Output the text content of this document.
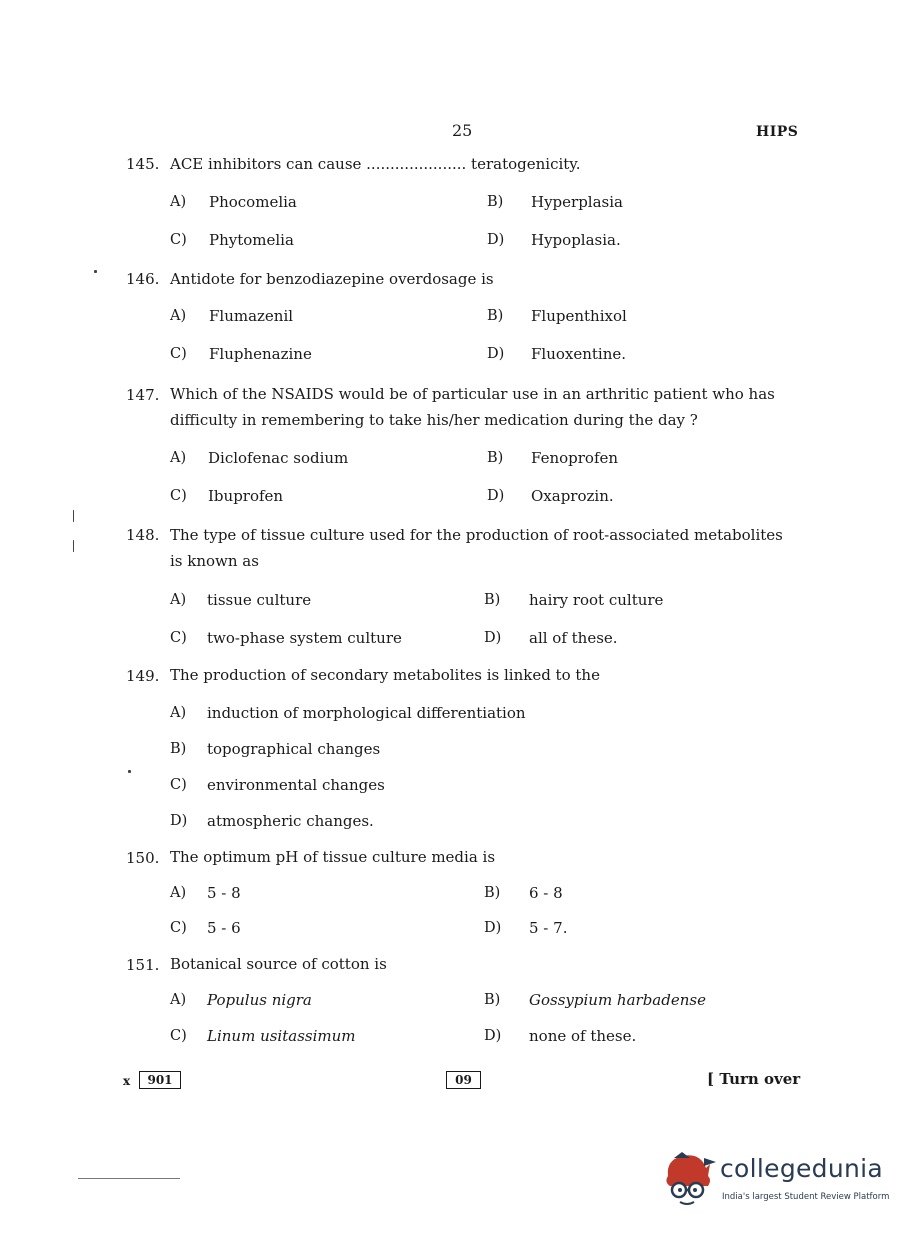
25	HIPS
145. ACE inhibitors can cause ..................... teratogenicity.
A) Phocomelia	B) Hyperplasia
C) Phytomelia	D) Hypoplasia.
146. Antidote for benzodiazepine overdosage is
A) Flumazenil	B) Flupenthixol
C) Fluphenazine	D) Fluoxentine.
147. Which of the NSAIDS would be of particular use in an arthritic patient who has difficulty in remembering to take his/her medication during the day ?
A) Diclofenac sodium	B) Fenoprofen
C) Ibuprofen	D) Oxaprozin.
148. The type of tissue culture used for the production of root-associated metabolites is known as
A) tissue culture	B) hairy root culture
C) two-phase system culture	D) all of these.
149. The production of secondary metabolites is linked to the
A) induction of morphological differentiation
B) topographical changes
C) environmental changes
D) atmospheric changes.
150. The optimum pH of tissue culture media is
A) 5 - 8	B) 6 - 8
C) 5 - 6	D) 5 - 7.
151. Botanical source of cotton is
A) Populus nigra	B) Gossypium harbadense
C) Linum usitassimum	D) none of these.
x	901	09	[ Turn over
collegedunia
India's largest Student Review Platform
